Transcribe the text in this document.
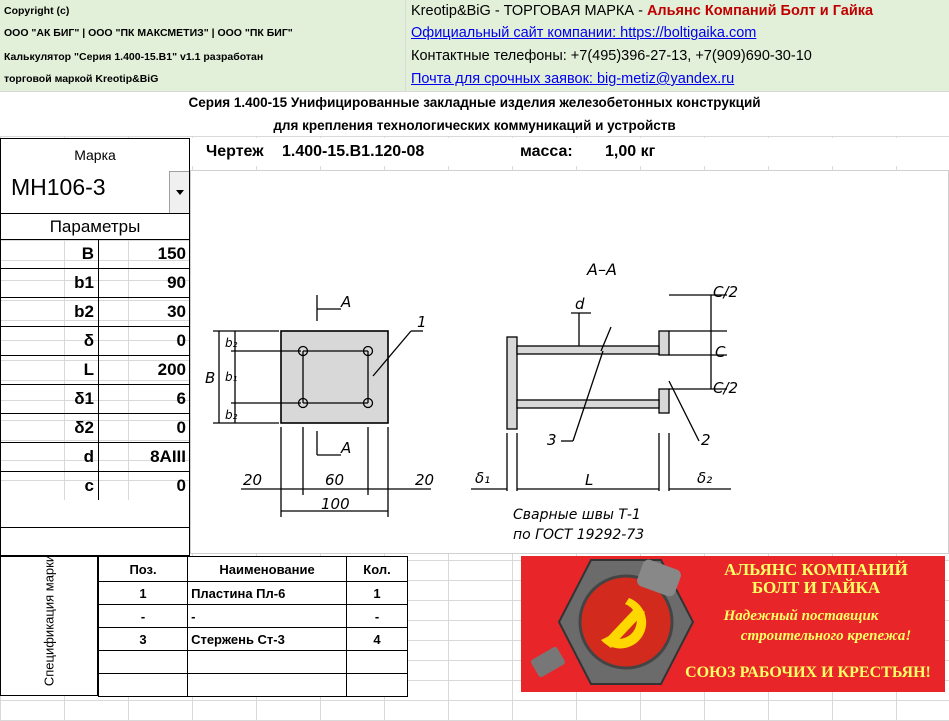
Copyright (c)
ООО "АК БИГ" | ООО "ПК МАКСМЕТИЗ" | ООО "ПК БИГ"
Калькулятор "Серия 1.400-15.В1" v1.1 разработан
торговой маркой Kreotip&BiG
Kreotip&BiG - ТОРГОВАЯ МАРКА - Альянс Компаний Болт и Гайка
Официальный сайт компании: https://boltigaika.com
Контактные телефоны: +7(495)396-27-13, +7(909)690-30-10
Почта для срочных заявок: big-metiz@yandex.ru
Серия 1.400-15 Унифицированные закладные изделия железобетонных конструкций
для крепления технологических коммуникаций и устройств
Марка
МН106-3
Параметры
B	150
b1	90
b2	30
δ	0
L	200
δ1	6
δ2	0
d	8AIII
c	0
Чертеж 1.400-15.В1.120-08	масса: 1,00 кг
А
А
1
B
b₂
b₁
b₂
20	60	20
100
А–А
d
C/2
C
C/2
2
3
δ₁	L	δ₂
Сварные швы Т-1
по ГОСТ 19292-73
Спецификация марки	Поз.	Наименование	Кол.
1	Пластина Пл-6	1
-	-	-
3	Стержень Ст-3	4

АЛЬЯНС КОМПАНИЙ
БОЛТ И ГАЙКА
Надежный поставщик
строительного крепежа!
СОЮЗ РАБОЧИХ И КРЕСТЬЯН!
